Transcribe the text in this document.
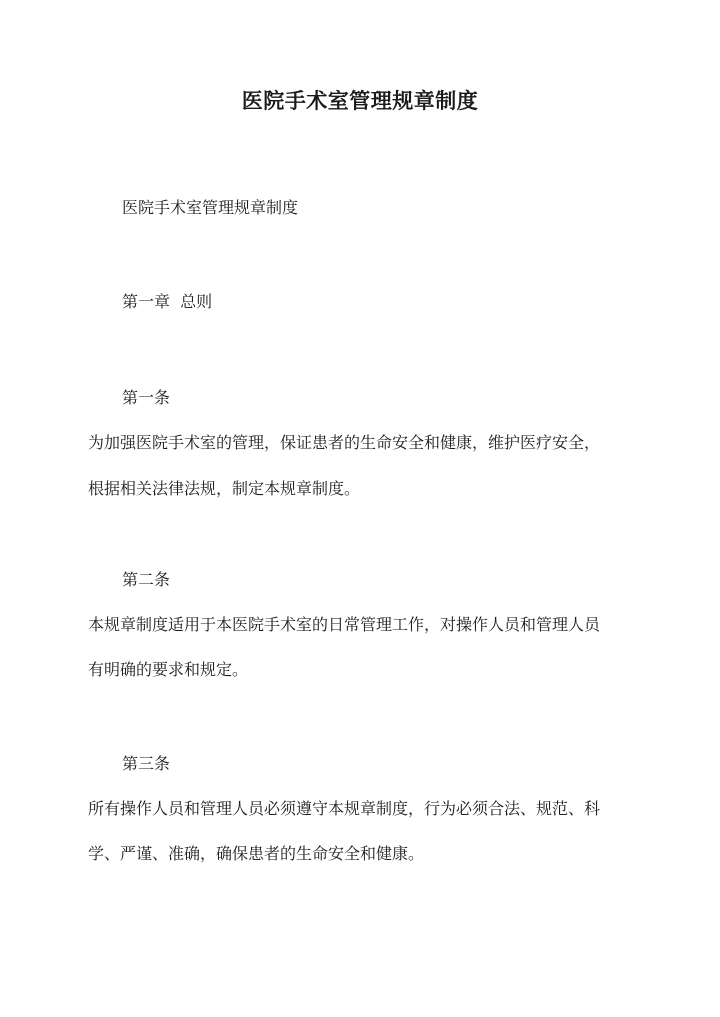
医院手术室管理规章制度
医院手术室管理规章制度
第一章  总则
第一条
为加强医院手术室的管理，保证患者的生命安全和健康，维护医疗安全，
根据相关法律法规，制定本规章制度。
第二条
本规章制度适用于本医院手术室的日常管理工作，对操作人员和管理人员
有明确的要求和规定。
第三条
所有操作人员和管理人员必须遵守本规章制度，行为必须合法、规范、科
学、严谨、准确，确保患者的生命安全和健康。
